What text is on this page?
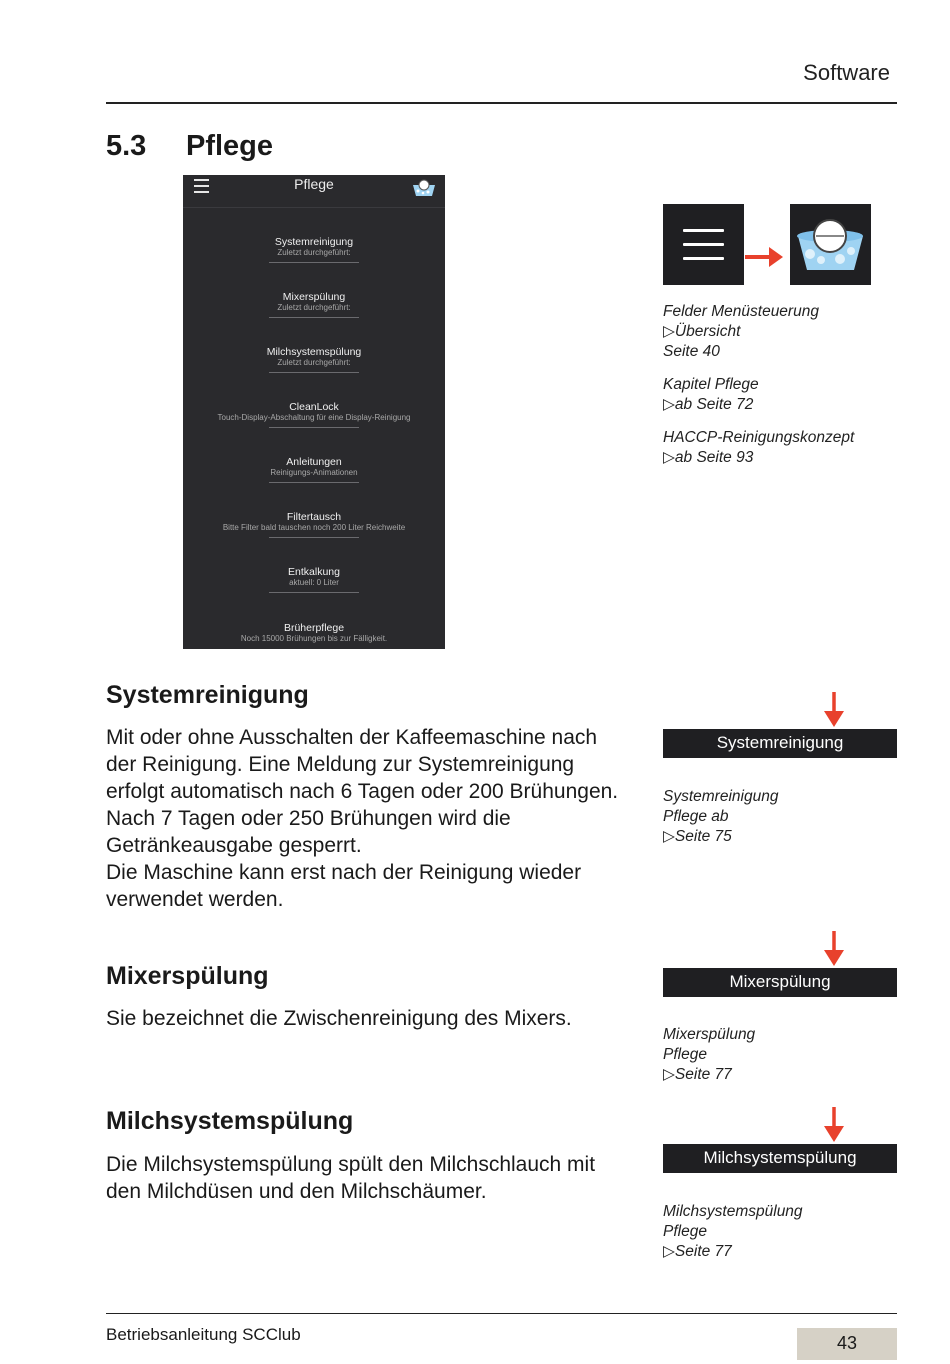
Software
5.3 Pflege
Pflege
Systemreinigung
Zuletzt durchgeführt:
Mixerspülung
Zuletzt durchgeführt:
Milchsystemspülung
Zuletzt durchgeführt:
CleanLock
Touch-Display-Abschaltung für eine Display-Reinigung
Anleitungen
Reinigungs-Animationen
Filtertausch
Bitte Filter bald tauschen noch 200 Liter Reichweite
Entkalkung
aktuell: 0 Liter
Brüherpflege
Noch 15000 Brühungen bis zur Fälligkeit.
Felder Menüsteuerung
▷Übersicht
Seite 40
Kapitel Pflege
▷ab Seite 72
HACCP-Reinigungskonzept
▷ab Seite 93
Systemreinigung

Mit oder ohne Ausschalten der Kaffeemaschine nach der Reinigung. Eine Meldung zur Systemreinigung erfolgt automatisch nach 6 Tagen oder 200 Brühungen. Nach 7 Tagen oder 250 Brühungen wird die Getränkeausgabe gesperrt.

Die Maschine kann erst nach der Reinigung wieder verwendet werden.

Systemreinigung
Systemreinigung
Pflege ab
▷Seite 75
Mixerspülung

Sie bezeichnet die Zwischenreinigung des Mixers.

Mixerspülung
Mixerspülung
Pflege
▷Seite 77
Milchsystemspülung

Die Milchsystemspülung spült den Milchschlauch mit den Milchdüsen und den Milchschäumer.

Milchsystemspülung
Milchsystemspülung
Pflege
▷Seite 77
Betriebsanleitung SCClub	43
